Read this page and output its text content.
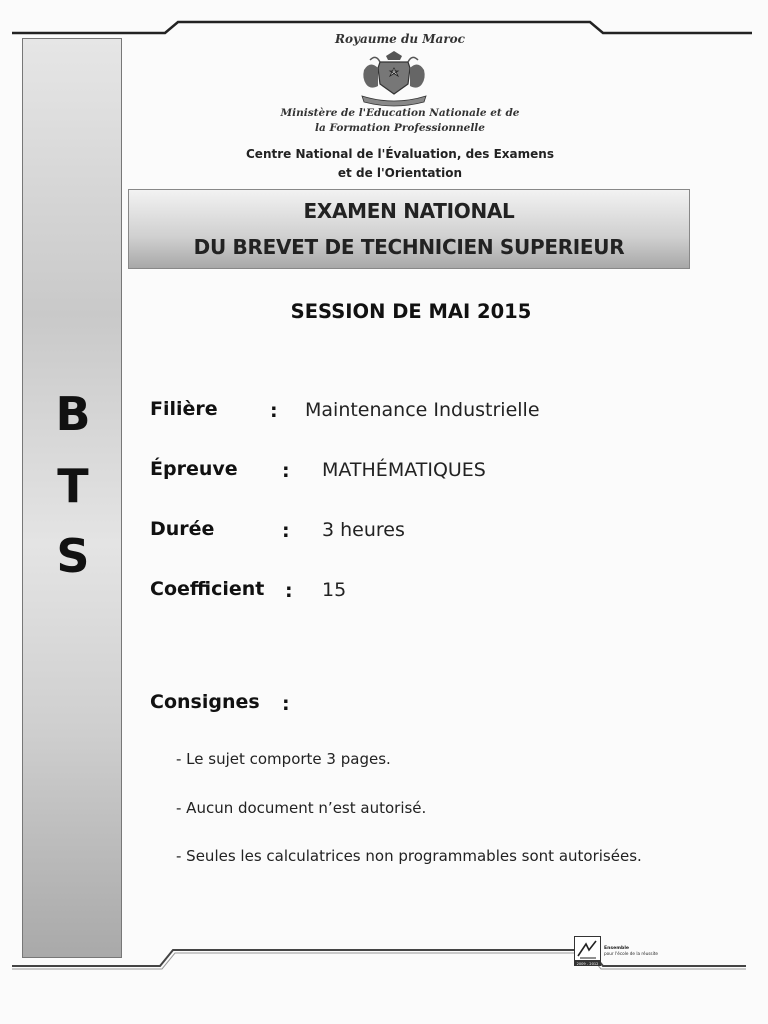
B
T
S
Royaume du Maroc
Ministère de l'Education Nationale et de
la Formation Professionnelle
Centre National de l'Évaluation, des Examens
et de l'Orientation
EXAMEN NATIONAL
DU BREVET DE TECHNICIEN SUPERIEUR
SESSION DE MAI 2015
Filière	: Maintenance Industrielle
Épreuve : MATHÉMATIQUES
Durée	: 3 heures
Coefficient : 15
Consignes :
- Le sujet comporte 3 pages.
- Aucun document n’est autorisé.
- Seules les calculatrices non programmables sont autorisées.
2009 - 2012
Ensemble
pour l'école de la réussite
